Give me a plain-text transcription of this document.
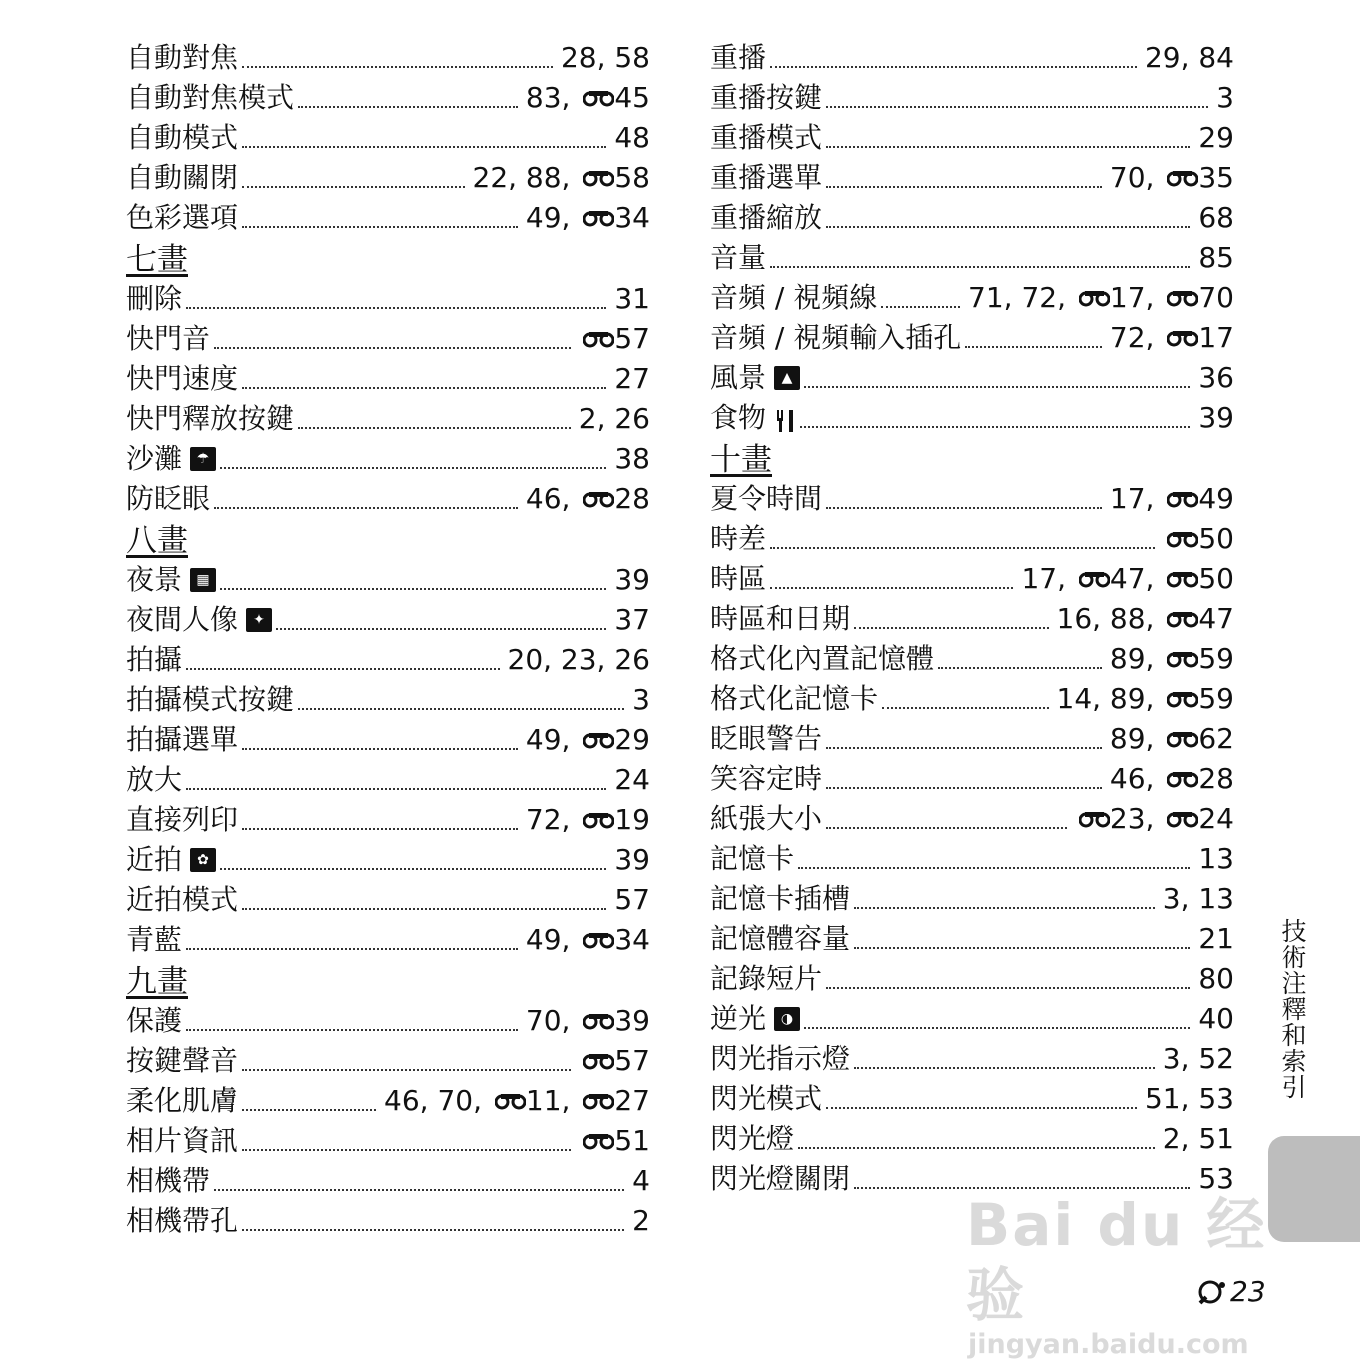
自動對焦	28, 58
自動對焦模式	83, 45
自動模式	48
自動關閉	22, 88, 58
色彩選項	49, 34
七畫
刪除	31
快門音	57
快門速度	27
快門釋放按鍵	2, 26
沙灘	☂	38
防眨眼	46, 28
八畫
夜景	▦	39
夜間人像	✦	37
拍攝	20, 23, 26
拍攝模式按鍵	3
拍攝選單	49, 29
放大	24
直接列印	72, 19
近拍	✿	39
近拍模式	57
青藍	49, 34
九畫
保護	70, 39
按鍵聲音	57
柔化肌膚	46, 70, 11 , 27
相片資訊	51
相機帶	4
相機帶孔	2
重播	29, 84
重播按鍵	3
重播模式	29
重播選單	70, 35
重播縮放	68
音量	85
音頻 / 視頻線	71, 72, 17 , 70
音頻 / 視頻輸入插孔	72, 17
風景	▲	36
食物	39
十畫
夏令時間	17, 49
時差	50
時區	17, 47 , 50
時區和日期	16, 88, 47
格式化內置記憶體	89, 59
格式化記憶卡	14, 89, 59
眨眼警告	89, 62
笑容定時	46, 28
紙張大小	23 , 24
記憶卡	13
記憶卡插槽	3, 13
記憶體容量	21
記錄短片	80
逆光	◑	40
閃光指示燈	3, 52
閃光模式	51, 53
閃光燈	2, 51
閃光燈關閉	53
技術注釋和索引
23
Bai du 经验
jingyan.baidu.com
